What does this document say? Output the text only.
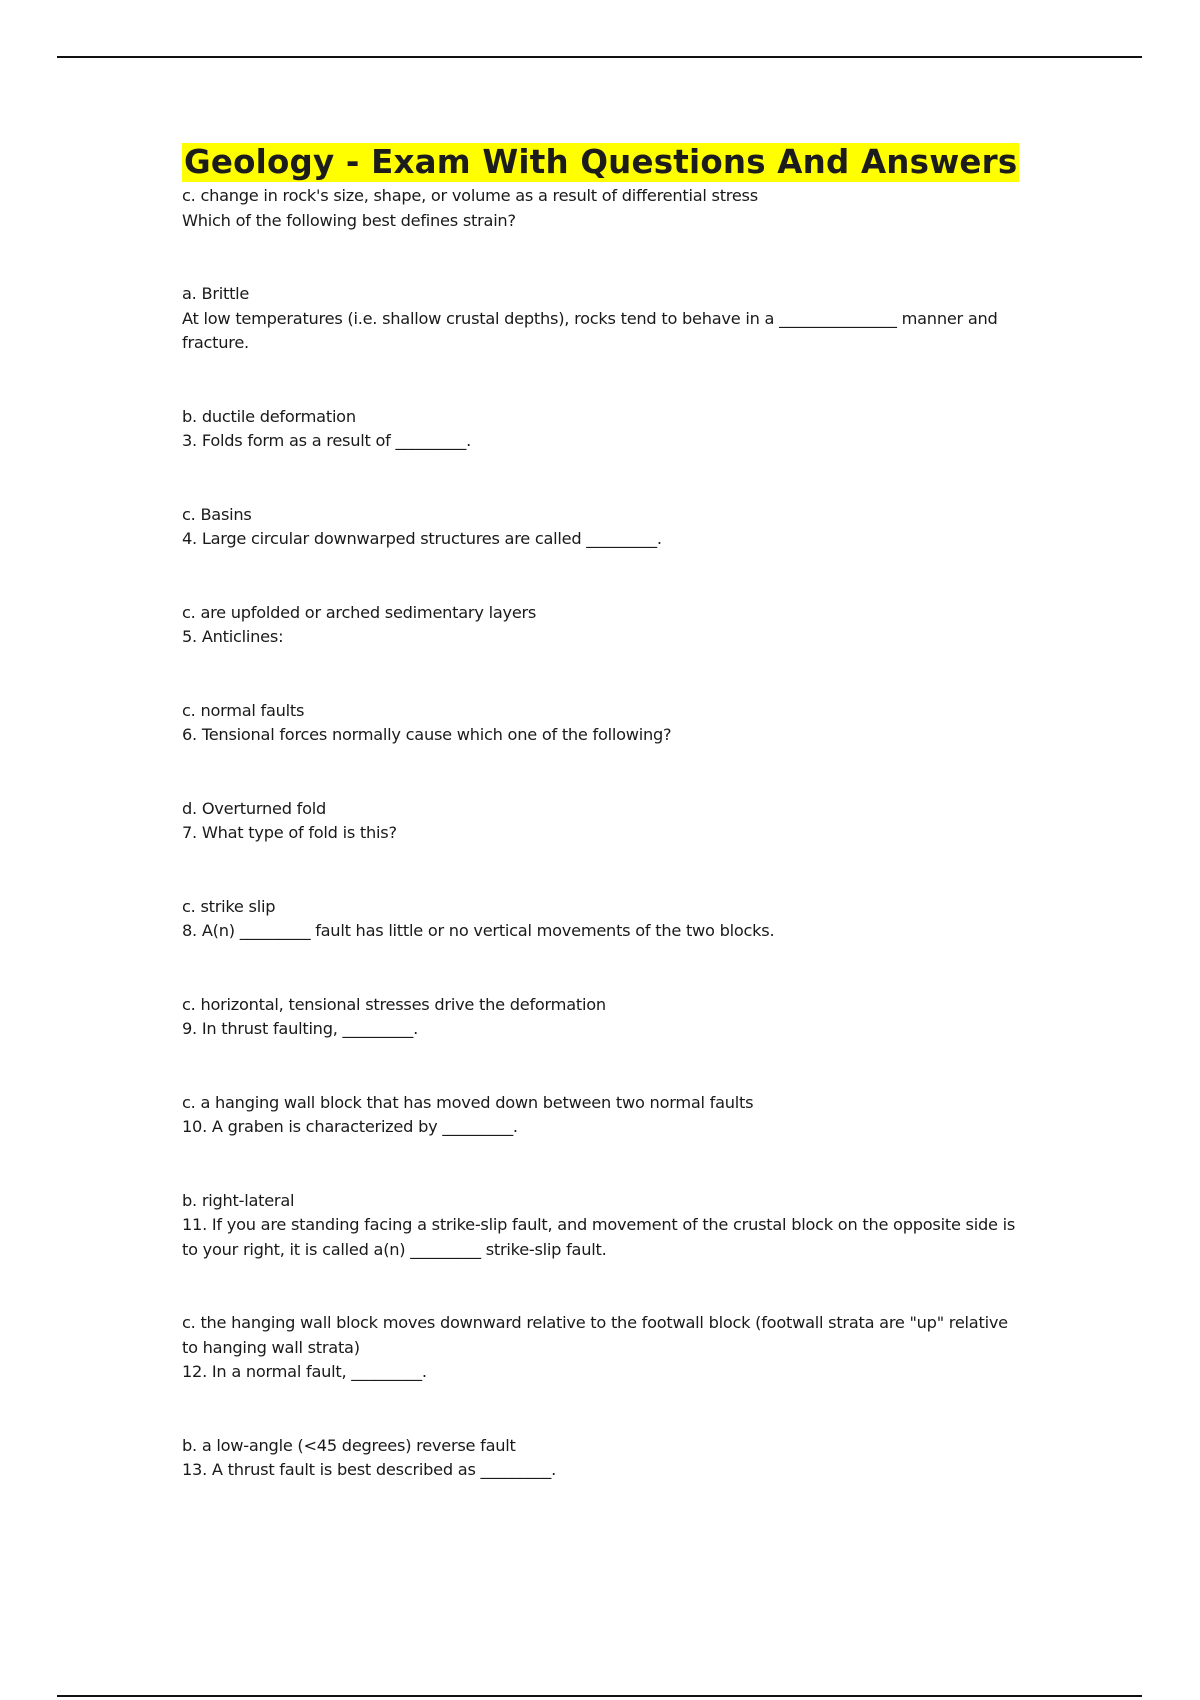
Geology - Exam With Questions And Answers

c. change in rock's size, shape, or volume as a result of differential stress

Which of the following best defines strain?

a. Brittle

At low temperatures (i.e. shallow crustal depths), rocks tend to behave in a _______________ manner and fracture.

b. ductile deformation

3. Folds form as a result of _________.

c. Basins

4. Large circular downwarped structures are called _________.

c. are upfolded or arched sedimentary layers

5. Anticlines:

c. normal faults

6. Tensional forces normally cause which one of the following?

d. Overturned fold

7. What type of fold is this?

c. strike slip

8. A(n) _________ fault has little or no vertical movements of the two blocks.

c. horizontal, tensional stresses drive the deformation

9. In thrust faulting, _________.

c. a hanging wall block that has moved down between two normal faults

10. A graben is characterized by _________.

b. right-lateral

11. If you are standing facing a strike-slip fault, and movement of the crustal block on the opposite side is to your right, it is called a(n) _________ strike-slip fault.

c. the hanging wall block moves downward relative to the footwall block (footwall strata are "up" relative to hanging wall strata)

12. In a normal fault, _________.

b. a low-angle (<45 degrees) reverse fault

13. A thrust fault is best described as _________.
